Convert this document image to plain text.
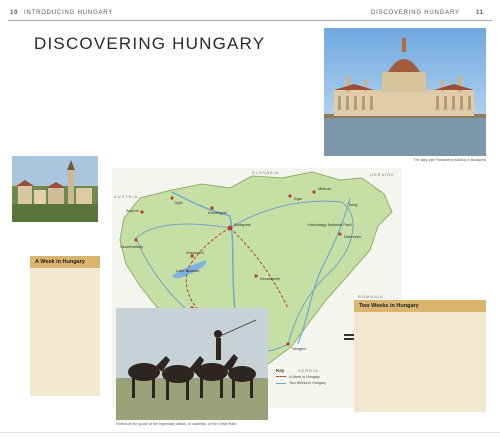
10 INTRODUCING HUNGARY	DISCOVERING HUNGARY	11
DISCOVERING HUNGARY
The fairy-tale Parliament building in Budapest
Budapest
Lake Balaton
Szeged
Kecskemét
Eger
Győr
Sopron
Debrecen
Miskolc
Esztergom
Szombathely
Hortobágy National Park
Tokaj
Veszprém
SLOVAKIA
AUSTRIA
SERBIA
ROMANIA
UKRAINE
A Week in Hungary
Key
A Week in Hungary
Two Weeks in Hungary
Horses at the goose of the legendary csikós, or cowboys, of the Great Plain
Two Weeks in Hungary
